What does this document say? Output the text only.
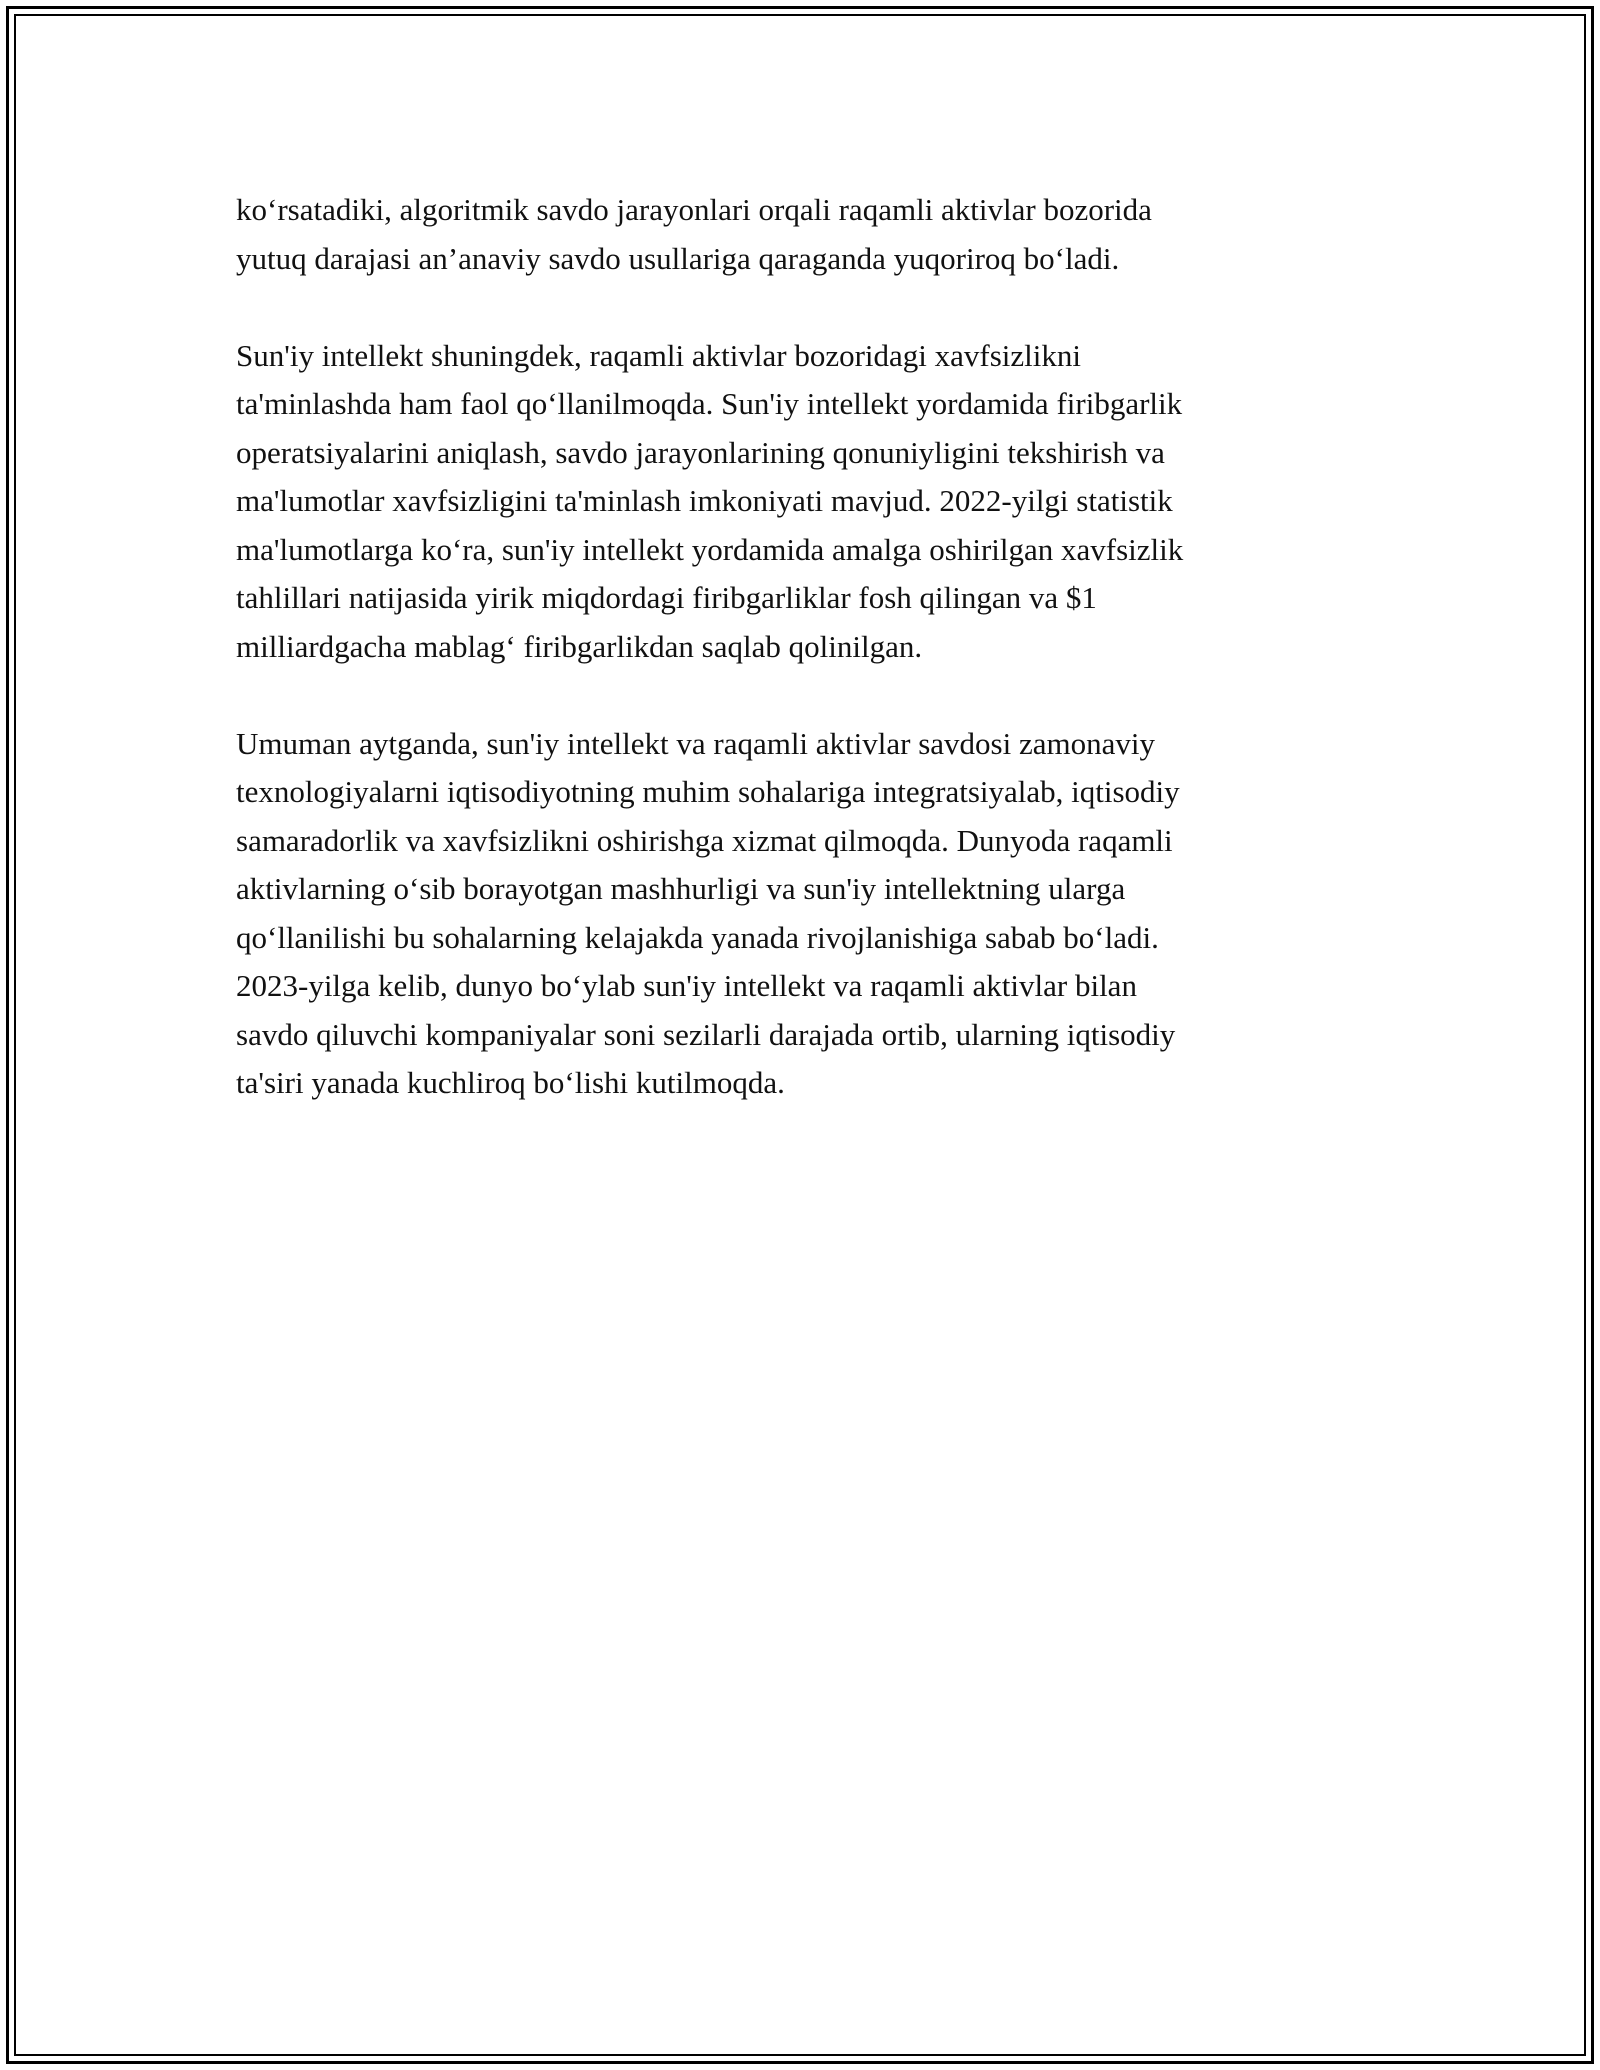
ko‘rsatadiki, algoritmik savdo jarayonlari orqali raqamli aktivlar bozorida
yutuq darajasi an’anaviy savdo usullariga qaraganda yuqoriroq bo‘ladi.

Sun'iy intellekt shuningdek, raqamli aktivlar bozoridagi xavfsizlikni
ta'minlashda ham faol qo‘llanilmoqda. Sun'iy intellekt yordamida firibgarlik
operatsiyalarini aniqlash, savdo jarayonlarining qonuniyligini tekshirish va
ma'lumotlar xavfsizligini ta'minlash imkoniyati mavjud. 2022-yilgi statistik
ma'lumotlarga ko‘ra, sun'iy intellekt yordamida amalga oshirilgan xavfsizlik
tahlillari natijasida yirik miqdordagi firibgarliklar fosh qilingan va $1
milliardgacha mablag‘ firibgarlikdan saqlab qolinilgan.

Umuman aytganda, sun'iy intellekt va raqamli aktivlar savdosi zamonaviy
texnologiyalarni iqtisodiyotning muhim sohalariga integratsiyalab, iqtisodiy
samaradorlik va xavfsizlikni oshirishga xizmat qilmoqda. Dunyoda raqamli
aktivlarning o‘sib borayotgan mashhurligi va sun'iy intellektning ularga
qo‘llanilishi bu sohalarning kelajakda yanada rivojlanishiga sabab bo‘ladi.
2023-yilga kelib, dunyo bo‘ylab sun'iy intellekt va raqamli aktivlar bilan
savdo qiluvchi kompaniyalar soni sezilarli darajada ortib, ularning iqtisodiy
ta'siri yanada kuchliroq bo‘lishi kutilmoqda.
